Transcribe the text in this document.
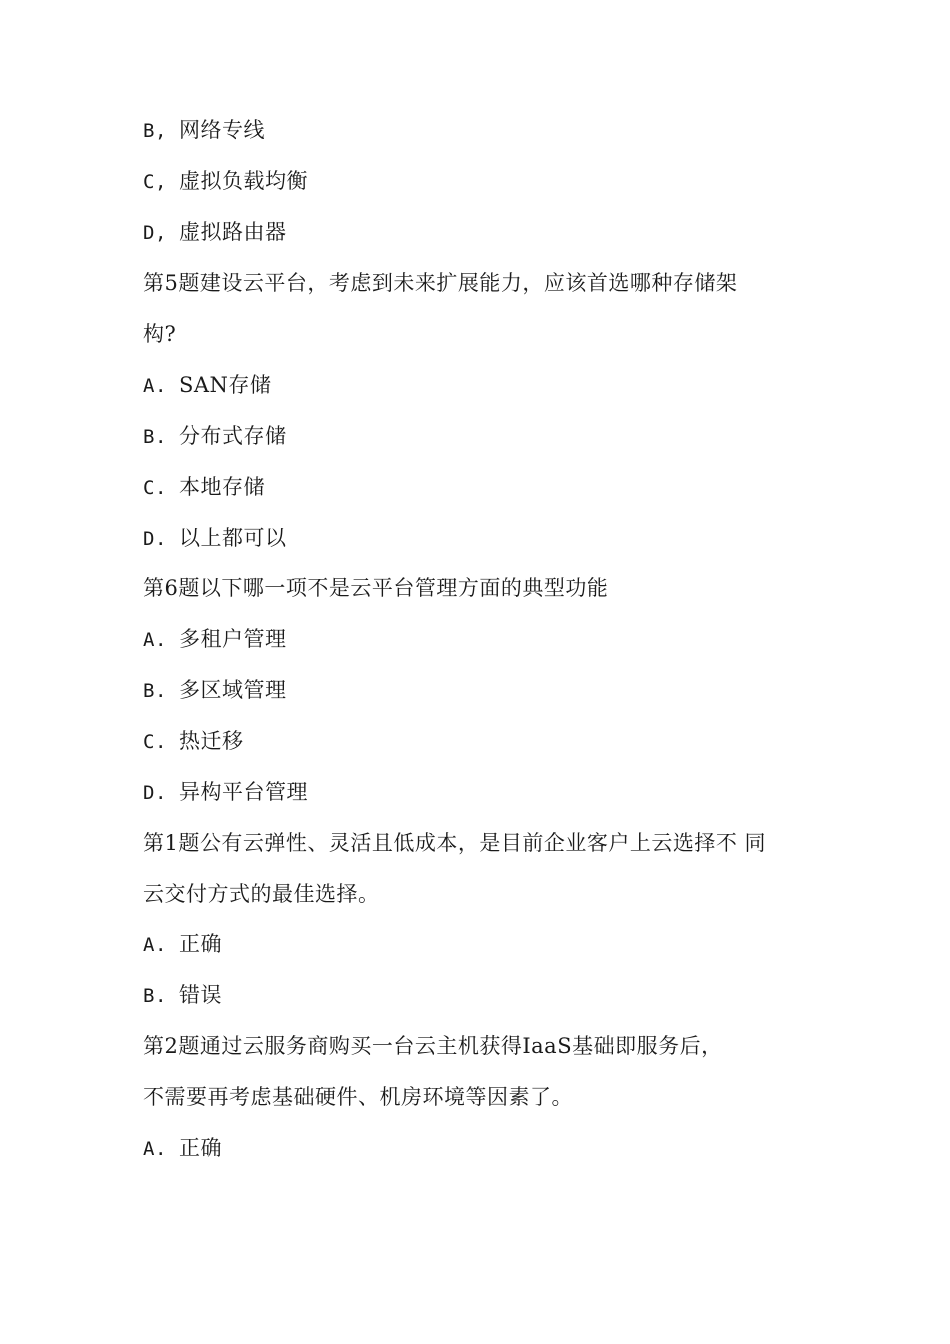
B, 网络专线
C, 虚拟负载均衡
D, 虚拟路由器
第5题建设云平台，考虑到未来扩展能力，应该首选哪种存储架
构?
A. SAN存储
B. 分布式存储
C. 本地存储
D. 以上都可以
第6题以下哪一项不是云平台管理方面的典型功能
A. 多租户管理
B. 多区域管理
C. 热迁移
D. 异构平台管理
第1题公有云弹性、灵活且低成本，是目前企业客户上云选择不 同
云交付方式的最佳选择。
A. 正确
B. 错误
第2题通过云服务商购买一台云主机获得IaaS基础即服务后，
不需要再考虑基础硬件、机房环境等因素了。
A. 正确
